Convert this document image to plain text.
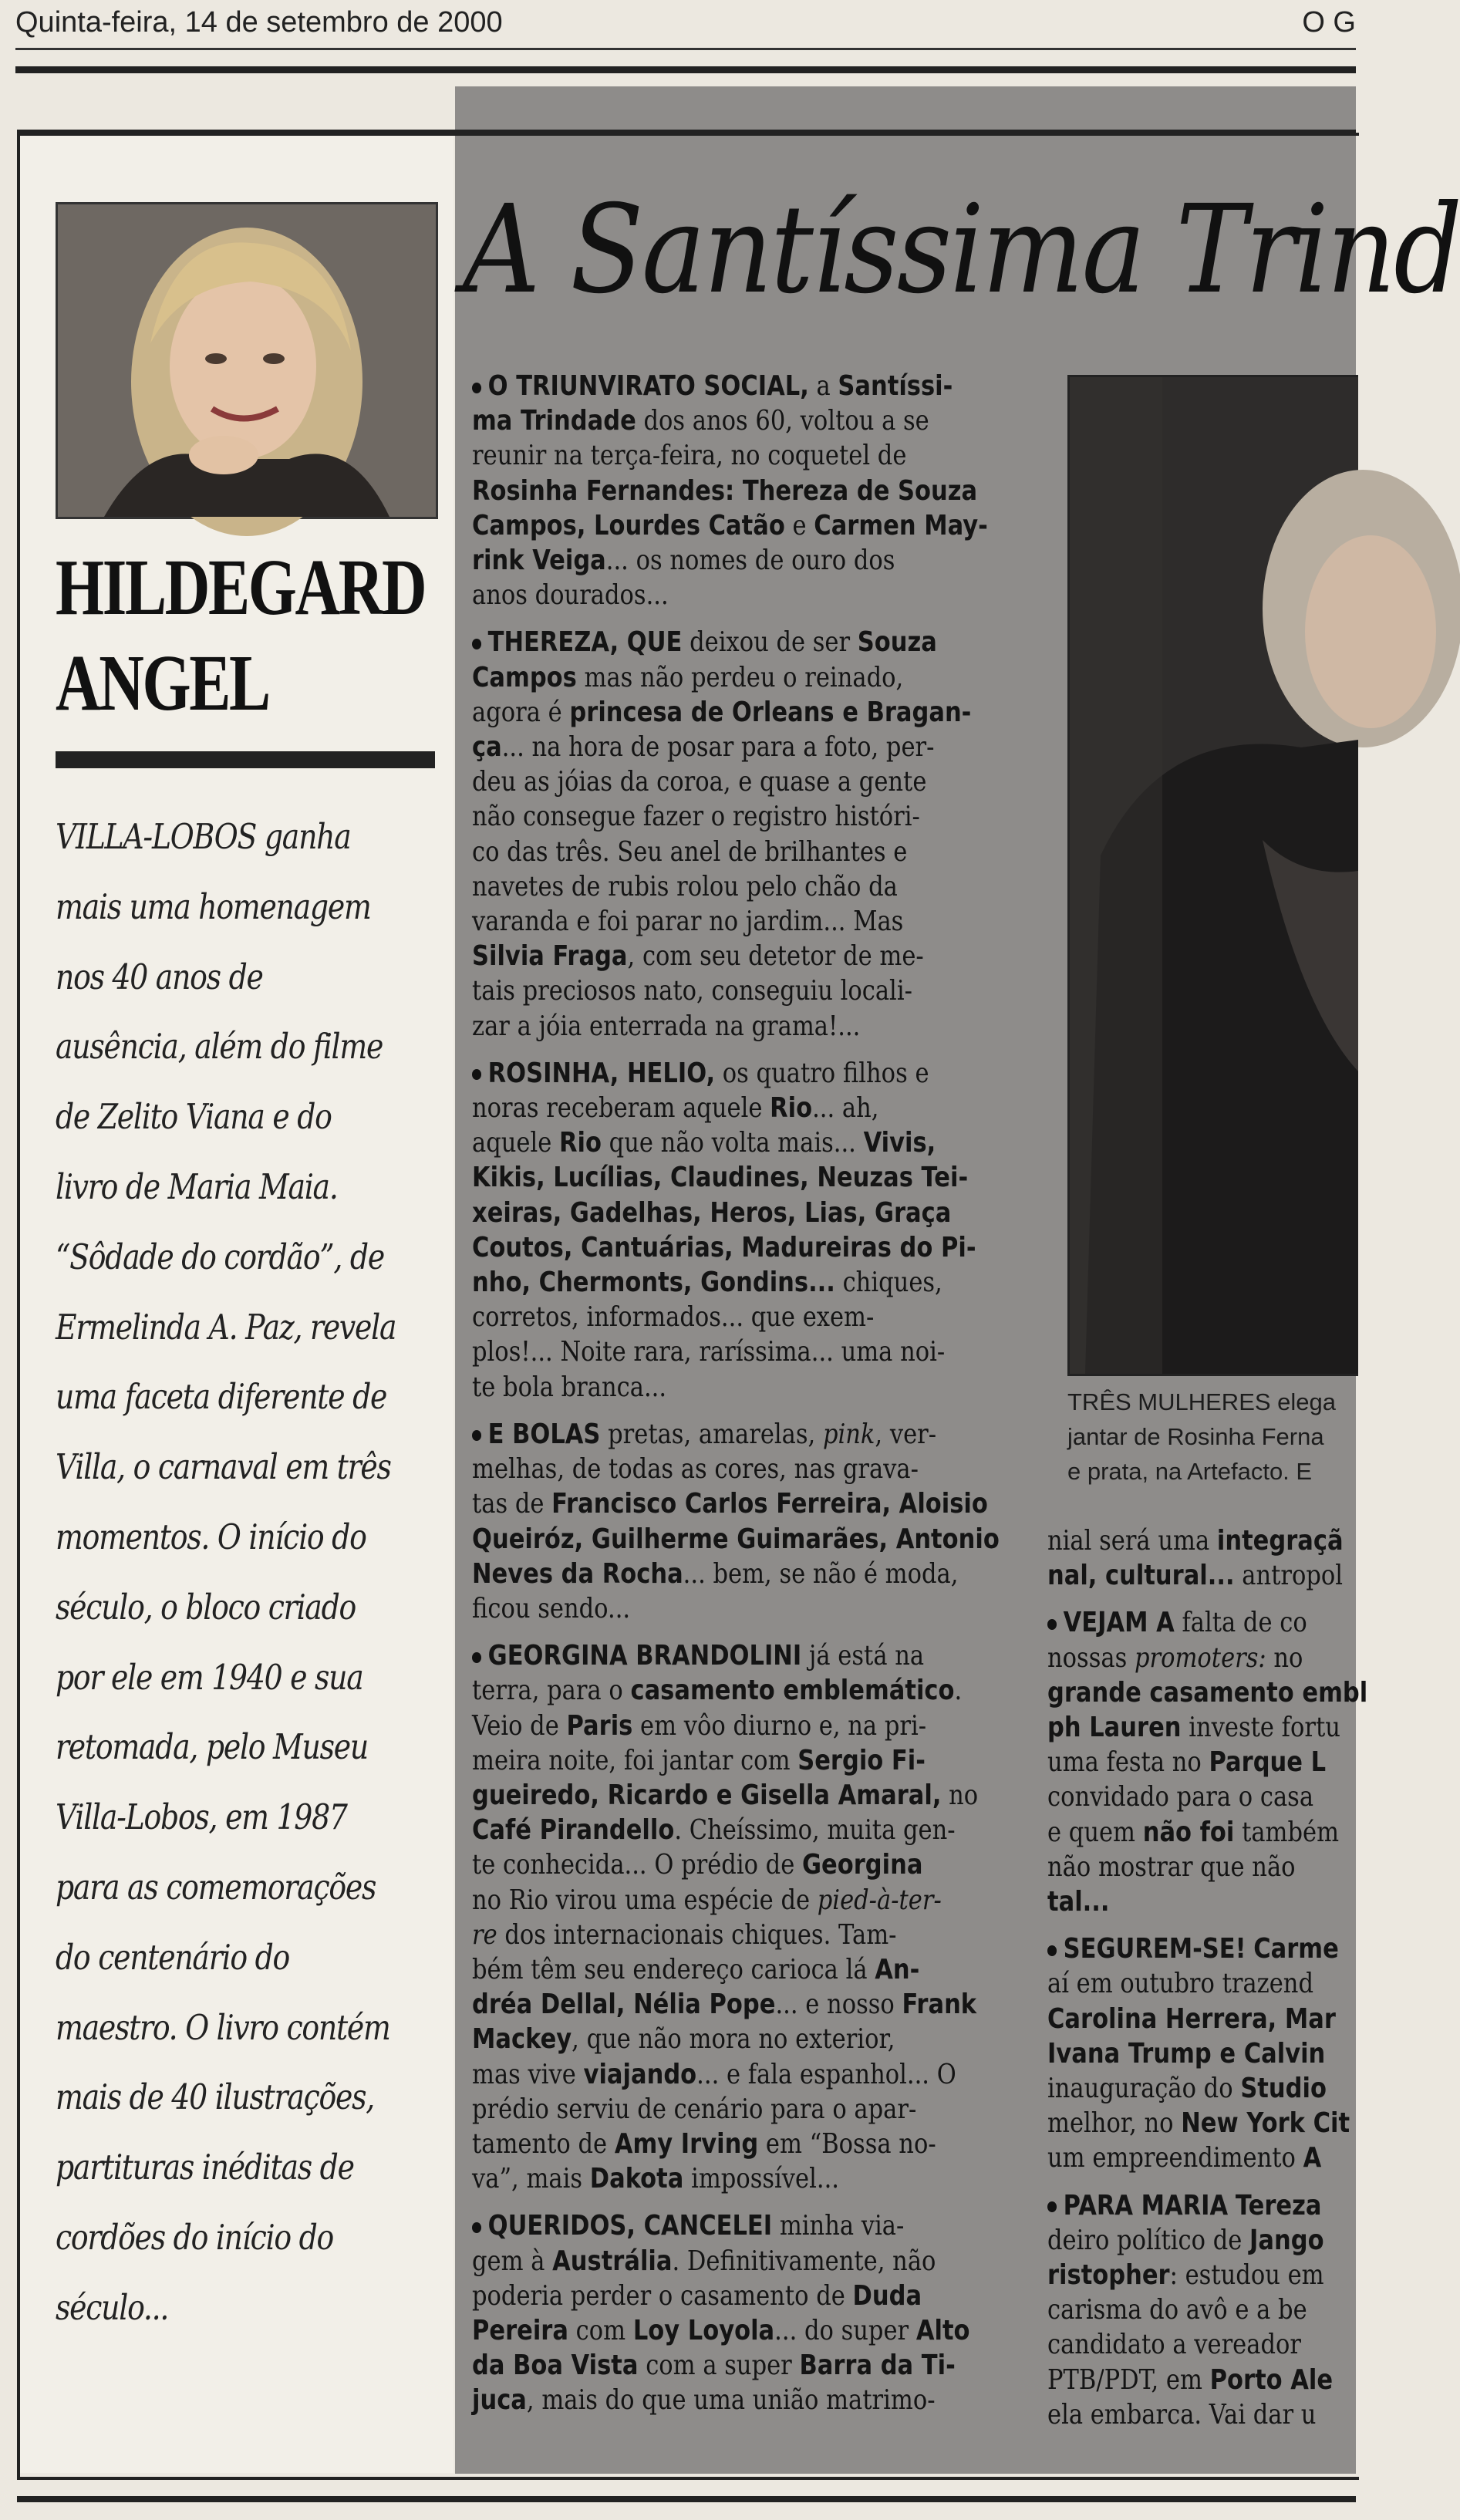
Quinta-feira, 14 de setembro de 2000	O G
HILDEGARD
ANGEL
VILLA-LOBOS ganha
mais uma homenagem
nos 40 anos de
ausência, além do filme
de Zelito Viana e do
livro de Maria Maia.
“Sôdade do cordão”, de
Ermelinda A. Paz, revela
uma faceta diferente de
Villa, o carnaval em três
momentos. O início do
século, o bloco criado
por ele em 1940 e sua
retomada, pelo Museu
Villa-Lobos, em 1987
para as comemorações
do centenário do
maestro. O livro contém
mais de 40 ilustrações,
partituras inéditas de
cordões do início do
século...
A Santíssima Trind
O TRIUNVIRATO SOCIAL, a Santíssi-
ma Trindade dos anos 60, voltou a se
reunir na terça-feira, no coquetel de
Rosinha Fernandes: Thereza de Souza
Campos, Lourdes Catão e Carmen May-
rink Veiga... os nomes de ouro dos
anos dourados...
THEREZA, QUE deixou de ser Souza
Campos mas não perdeu o reinado,
agora é princesa de Orleans e Bragan-
ça... na hora de posar para a foto, per-
deu as jóias da coroa, e quase a gente
não consegue fazer o registro históri-
co das três. Seu anel de brilhantes e
navetes de rubis rolou pelo chão da
varanda e foi parar no jardim... Mas
Silvia Fraga, com seu detetor de me-
tais preciosos nato, conseguiu locali-
zar a jóia enterrada na grama!...
ROSINHA, HELIO, os quatro filhos e
noras receberam aquele Rio... ah,
aquele Rio que não volta mais... Vivis,
Kikis, Lucílias, Claudines, Neuzas Tei-
xeiras, Gadelhas, Heros, Lias, Graça
Coutos, Cantuárias, Madureiras do Pi-
nho, Chermonts, Gondins... chiques,
corretos, informados... que exem-
plos!... Noite rara, raríssima... uma noi-
te bola branca...
E BOLAS pretas, amarelas, pink, ver-
melhas, de todas as cores, nas grava-
tas de Francisco Carlos Ferreira, Aloisio
Queiróz, Guilherme Guimarães, Antonio
Neves da Rocha... bem, se não é moda,
ficou sendo...
GEORGINA BRANDOLINI já está na
terra, para o casamento emblemático.
Veio de Paris em vôo diurno e, na pri-
meira noite, foi jantar com Sergio Fi-
gueiredo, Ricardo e Gisella Amaral, no
Café Pirandello. Cheíssimo, muita gen-
te conhecida... O prédio de Georgina
no Rio virou uma espécie de pied-à-ter-
re dos internacionais chiques. Tam-
bém têm seu endereço carioca lá An-
dréa Dellal, Nélia Pope... e nosso Frank
Mackey, que não mora no exterior,
mas vive viajando... e fala espanhol... O
prédio serviu de cenário para o apar-
tamento de Amy Irving em “Bossa no-
va”, mais Dakota impossível...
QUERIDOS, CANCELEI minha via-
gem à Austrália. Definitivamente, não
poderia perder o casamento de Duda
Pereira com Loy Loyola... do super Alto
da Boa Vista com a super Barra da Ti-
juca, mais do que uma união matrimo-
TRÊS MULHERES elega
jantar de Rosinha Ferna
e prata, na Artefacto. E
nial será uma integraçã
nal, cultural... antropol
VEJAM A falta de co
nossas promoters: no
grande casamento embl
ph Lauren investe fortu
uma festa no Parque L
convidado para o casa
e quem não foi também
não mostrar que não
tal...
SEGUREM-SE! Carme
aí em outubro trazend
Carolina Herrera, Mar
Ivana Trump e Calvin
inauguração do Studio
melhor, no New York Cit
um empreendimento A
PARA MARIA Tereza
deiro político de Jango
ristopher: estudou em
carisma do avô e a be
candidato a vereador
PTB/PDT, em Porto Ale
ela embarca. Vai dar u
